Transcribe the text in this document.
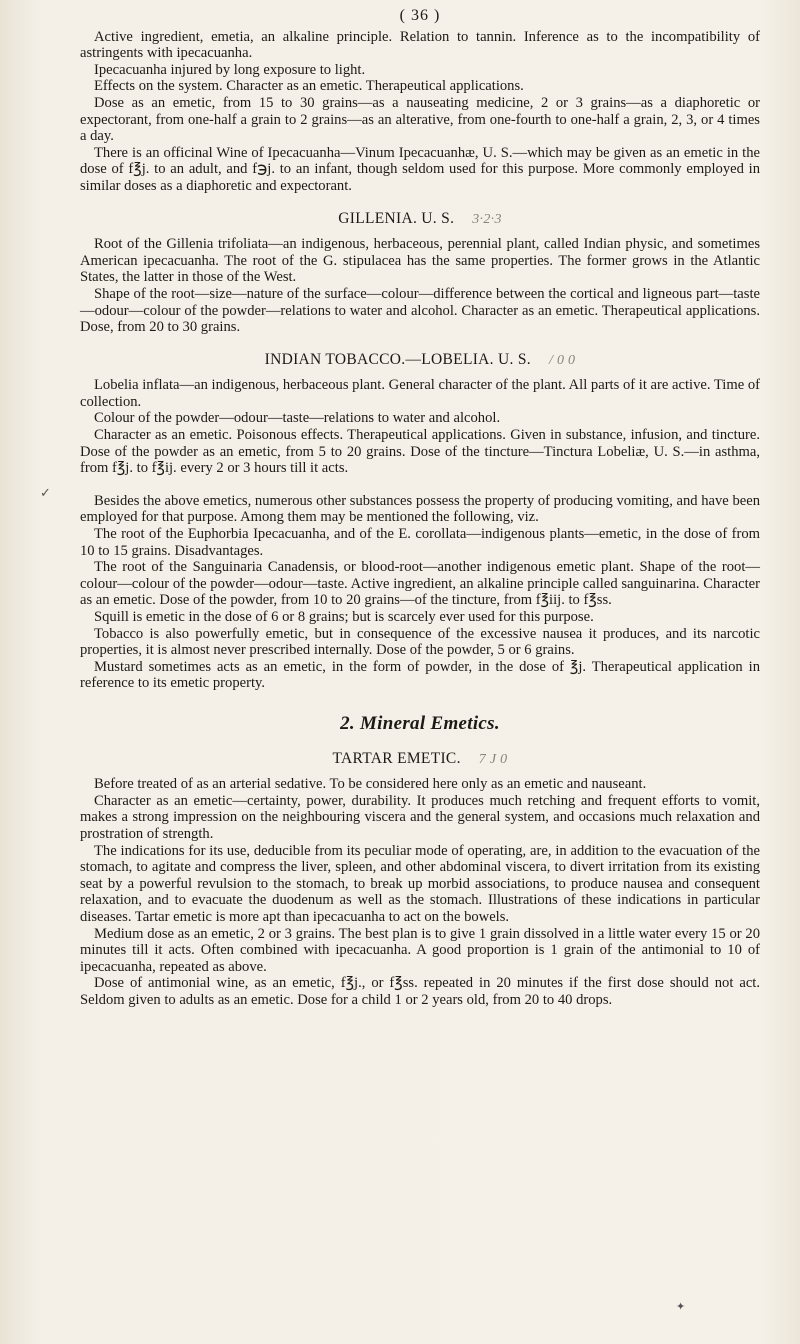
✓
( 36 )

Active ingredient, emetia, an alkaline principle. Relation to tannin. Inference as to the incompatibility of astringents with ipecacuanha.

Ipecacuanha injured by long exposure to light.

Effects on the system. Character as an emetic. Therapeutical applications.

Dose as an emetic, from 15 to 30 grains—as a nauseating medicine, 2 or 3 grains—as a diaphoretic or expectorant, from one-half a grain to 2 grains—as an alterative, from one-fourth to one-half a grain, 2, 3, or 4 times a day.

There is an officinal Wine of Ipecacuanha—Vinum Ipecacuanhæ, U. S.—which may be given as an emetic in the dose of f℥j. to an adult, and f℈j. to an infant, though seldom used for this purpose. More commonly employed in similar doses as a diaphoretic and expectorant.

GILLENIA. U. S. 3·2·3

Root of the Gillenia trifoliata—an indigenous, herbaceous, perennial plant, called Indian physic, and sometimes American ipecacuanha. The root of the G. stipulacea has the same properties. The former grows in the Atlantic States, the latter in those of the West.

Shape of the root—size—nature of the surface—colour—difference between the cortical and ligneous part—taste—odour—colour of the powder—relations to water and alcohol. Character as an emetic. Therapeutical applications. Dose, from 20 to 30 grains.

INDIAN TOBACCO.—LOBELIA. U. S. / 0 0

Lobelia inflata—an indigenous, herbaceous plant. General character of the plant. All parts of it are active. Time of collection.

Colour of the powder—odour—taste—relations to water and alcohol.

Character as an emetic. Poisonous effects. Therapeutical applications. Given in substance, infusion, and tincture. Dose of the powder as an emetic, from 5 to 20 grains. Dose of the tincture—Tinctura Lobeliæ, U. S.—in asthma, from f℥j. to f℥ij. every 2 or 3 hours till it acts.

Besides the above emetics, numerous other substances possess the property of producing vomiting, and have been employed for that purpose. Among them may be mentioned the following, viz.

The root of the Euphorbia Ipecacuanha, and of the E. corollata—indigenous plants—emetic, in the dose of from 10 to 15 grains. Disadvantages.

The root of the Sanguinaria Canadensis, or blood-root—another indigenous emetic plant. Shape of the root—colour—colour of the powder—odour—taste. Active ingredient, an alkaline principle called sanguinarina. Character as an emetic. Dose of the powder, from 10 to 20 grains—of the tincture, from f℥iij. to f℥ss.

Squill is emetic in the dose of 6 or 8 grains; but is scarcely ever used for this purpose.

Tobacco is also powerfully emetic, but in consequence of the excessive nausea it produces, and its narcotic properties, it is almost never prescribed internally. Dose of the powder, 5 or 6 grains.

Mustard sometimes acts as an emetic, in the form of powder, in the dose of ℥j. Therapeutical application in reference to its emetic property.

2. Mineral Emetics.
TARTAR EMETIC. 7 J 0

Before treated of as an arterial sedative. To be considered here only as an emetic and nauseant.

Character as an emetic—certainty, power, durability. It produces much retching and frequent efforts to vomit, makes a strong impression on the neighbouring viscera and the general system, and occasions much relaxation and prostration of strength.

The indications for its use, deducible from its peculiar mode of operating, are, in addition to the evacuation of the stomach, to agitate and compress the liver, spleen, and other abdominal viscera, to divert irritation from its existing seat by a powerful revulsion to the stomach, to break up morbid associations, to produce nausea and consequent relaxation, and to evacuate the duodenum as well as the stomach. Illustrations of these indications in particular diseases. Tartar emetic is more apt than ipecacuanha to act on the bowels.

Medium dose as an emetic, 2 or 3 grains. The best plan is to give 1 grain dissolved in a little water every 15 or 20 minutes till it acts. Often combined with ipecacuanha. A good proportion is 1 grain of the antimonial to 10 of ipecacuanha, repeated as above.

Dose of antimonial wine, as an emetic, f℥j., or f℥ss. repeated in 20 minutes if the first dose should not act. Seldom given to adults as an emetic. Dose for a child 1 or 2 years old, from 20 to 40 drops.

✦
